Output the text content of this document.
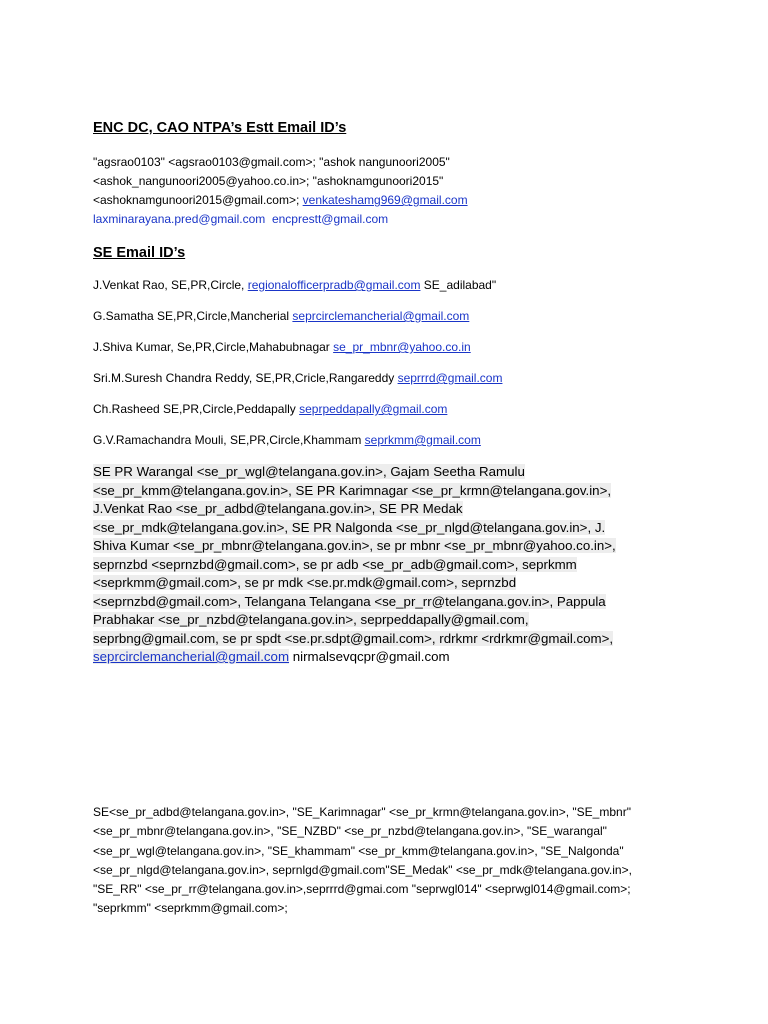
ENC DC, CAO NTPA’s Estt Email ID’s
"agsrao0103" <agsrao0103@gmail.com>; "ashok nangunoori2005"
<ashok_nangunoori2005@yahoo.co.in>; "ashoknamgunoori2015"
<ashoknamgunoori2015@gmail.com>; venkateshamg969@gmail.com
laxminarayana.pred@gmail.com encprestt@gmail.com
SE Email ID’s
J.Venkat Rao, SE,PR,Circle, regionalofficerpradb@gmail.com SE_adilabad"
G.Samatha SE,PR,Circle,Mancherial seprcirclemancherial@gmail.com
J.Shiva Kumar, Se,PR,Circle,Mahabubnagar se_pr_mbnr@yahoo.co.in
Sri.M.Suresh Chandra Reddy, SE,PR,Cricle,Rangareddy seprrrd@gmail.com
Ch.Rasheed SE,PR,Circle,Peddapally seprpeddapally@gmail.com
G.V.Ramachandra Mouli, SE,PR,Circle,Khammam seprkmm@gmail.com
SE PR Warangal <se_pr_wgl@telangana.gov.in>, Gajam Seetha Ramulu
<se_pr_kmm@telangana.gov.in>, SE PR Karimnagar <se_pr_krmn@telangana.gov.in>,
J.Venkat Rao <se_pr_adbd@telangana.gov.in>, SE PR Medak
<se_pr_mdk@telangana.gov.in>, SE PR Nalgonda <se_pr_nlgd@telangana.gov.in>, J.
Shiva Kumar <se_pr_mbnr@telangana.gov.in>, se pr mbnr <se_pr_mbnr@yahoo.co.in>,
seprnzbd <seprnzbd@gmail.com>, se pr adb <se_pr_adb@gmail.com>, seprkmm
<seprkmm@gmail.com>, se pr mdk <se.pr.mdk@gmail.com>, seprnzbd
<seprnzbd@gmail.com>, Telangana Telangana <se_pr_rr@telangana.gov.in>, Pappula
Prabhakar <se_pr_nzbd@telangana.gov.in>, seprpeddapally@gmail.com,
seprbng@gmail.com, se pr spdt <se.pr.sdpt@gmail.com>, rdrkmr <rdrkmr@gmail.com>,
seprcirclemancherial@gmail.com nirmalsevqcpr@gmail.com
SE<se_pr_adbd@telangana.gov.in>, "SE_Karimnagar" <se_pr_krmn@telangana.gov.in>, "SE_mbnr"
<se_pr_mbnr@telangana.gov.in>, "SE_NZBD" <se_pr_nzbd@telangana.gov.in>, "SE_warangal"
<se_pr_wgl@telangana.gov.in>, "SE_khammam" <se_pr_kmm@telangana.gov.in>, "SE_Nalgonda"
<se_pr_nlgd@telangana.gov.in>, seprnlgd@gmail.com"SE_Medak" <se_pr_mdk@telangana.gov.in>,
"SE_RR" <se_pr_rr@telangana.gov.in>,seprrrd@gmai.com "seprwgl014" <seprwgl014@gmail.com>;
"seprkmm" <seprkmm@gmail.com>;
